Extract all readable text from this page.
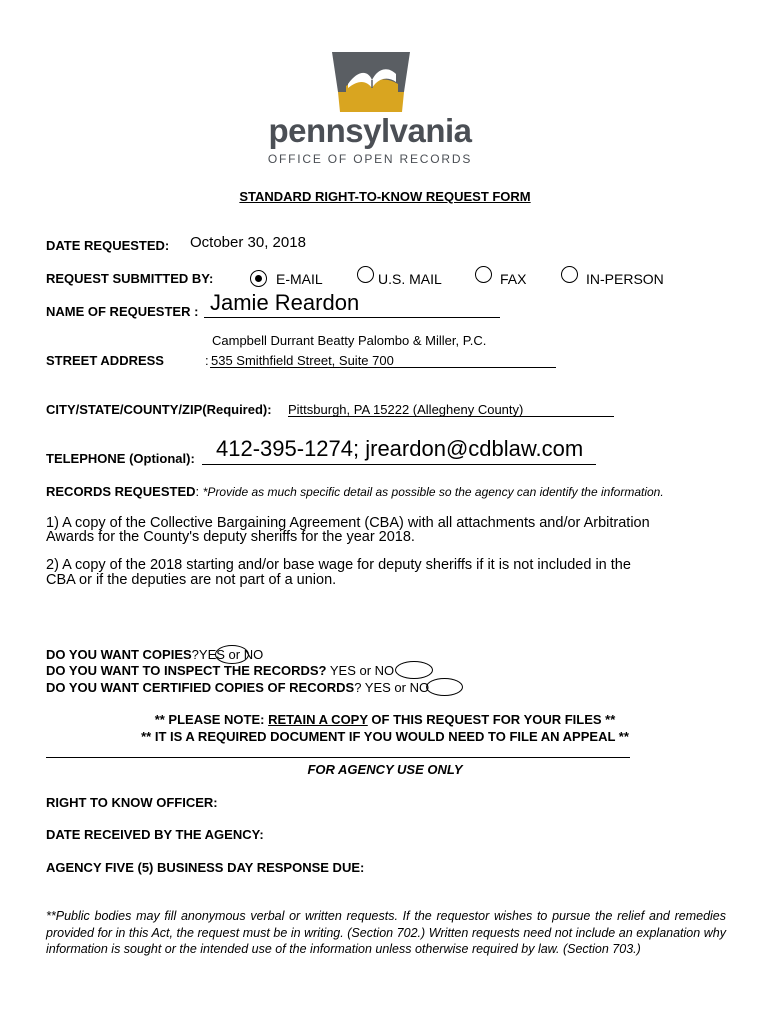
pennsylvania
OFFICE OF OPEN RECORDS
STANDARD RIGHT-TO-KNOW REQUEST FORM
DATE REQUESTED: October 30, 2018
REQUEST SUBMITTED BY:	E-MAIL	U.S. MAIL	FAX	IN-PERSON
NAME OF REQUESTER : Jamie Reardon
Campbell Durrant Beatty Palombo & Miller, P.C.
STREET ADDRESS	: 535 Smithfield Street, Suite 700
CITY/STATE/COUNTY/ZIP(Required): Pittsburgh, PA 15222 (Allegheny County)
TELEPHONE (Optional): 412-395-1274; jreardon@cdblaw.com
RECORDS REQUESTED: *Provide as much specific detail as possible so the agency can identify the information.
1) A copy of the Collective Bargaining Agreement (CBA) with all attachments and/or Arbitration
Awards for the County's deputy sheriffs for the year 2018.
2) A copy of the 2018 starting and/or base wage for deputy sheriffs if it is not included in the
CBA or if the deputies are not part of a union.
DO YOU WANT COPIES?YES or NO
DO YOU WANT TO INSPECT THE RECORDS? YES or NO
DO YOU WANT CERTIFIED COPIES OF RECORDS? YES or NO
** PLEASE NOTE: RETAIN A COPY OF THIS REQUEST FOR YOUR FILES **
** IT IS A REQUIRED DOCUMENT IF YOU WOULD NEED TO FILE AN APPEAL **
FOR AGENCY USE ONLY
RIGHT TO KNOW OFFICER:
DATE RECEIVED BY THE AGENCY:
AGENCY FIVE (5) BUSINESS DAY RESPONSE DUE:
**Public bodies may fill anonymous verbal or written requests. If the requestor wishes to pursue the relief and remedies provided for in this Act, the request must be in writing. (Section 702.) Written requests need not include an explanation why information is sought or the intended use of the information unless otherwise required by law. (Section 703.)
